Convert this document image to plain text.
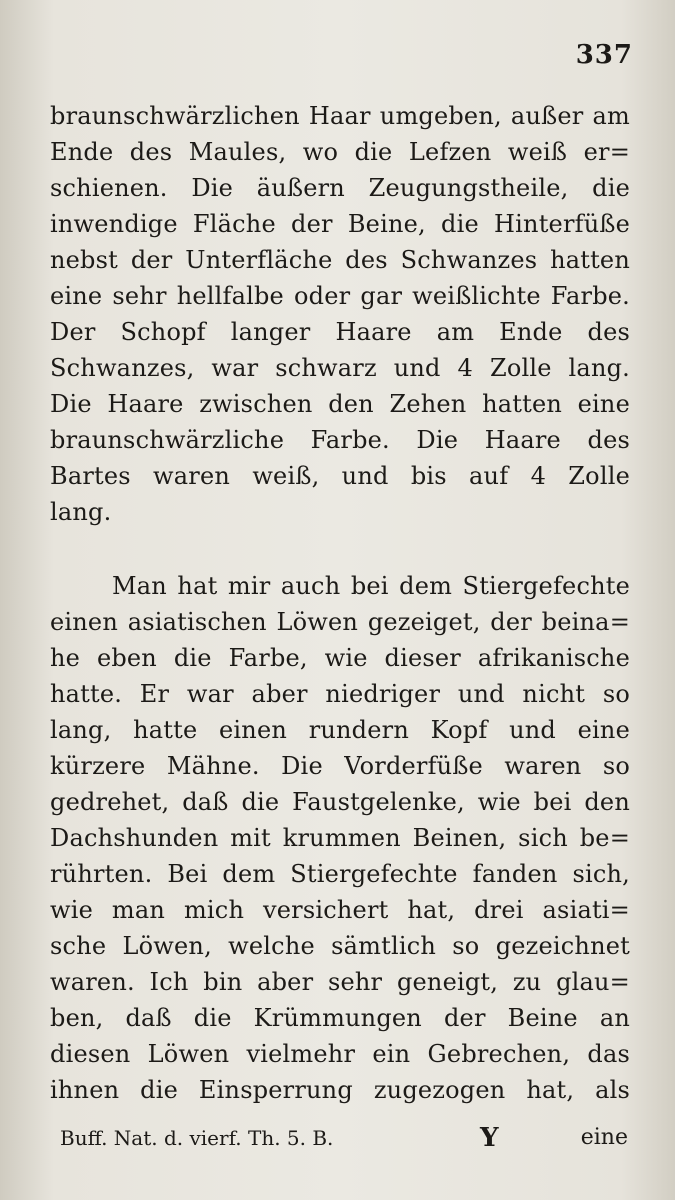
337

braunschwärzlichen Haar umgeben, außer am
Ende des Maules, wo die Lefzen weiß er=
schienen. Die äußern Zeugungstheile, die
inwendige Fläche der Beine, die Hinterfüße
nebst der Unterfläche des Schwanzes hatten
eine sehr hellfalbe oder gar weißlichte Farbe.
Der Schopf langer Haare am Ende des
Schwanzes, war schwarz und 4 Zolle lang.
Die Haare zwischen den Zehen hatten eine
braunschwärzliche Farbe. Die Haare des
Bartes waren weiß, und bis auf 4 Zolle
lang.
Man hat mir auch bei dem Stiergefechte
einen asiatischen Löwen gezeiget, der beina=
he eben die Farbe, wie dieser afrikanische
hatte. Er war aber niedriger und nicht so
lang, hatte einen rundern Kopf und eine
kürzere Mähne. Die Vorderfüße waren so
gedrehet, daß die Faustgelenke, wie bei den
Dachshunden mit krummen Beinen, sich be=
rührten. Bei dem Stiergefechte fanden sich,
wie man mich versichert hat, drei asiati=
sche Löwen, welche sämtlich so gezeichnet
waren. Ich bin aber sehr geneigt, zu glau=
ben, daß die Krümmungen der Beine an
diesen Löwen vielmehr ein Gebrechen, das
ihnen die Einsperrung zugezogen hat, als
Buff. Nat. d. vierf. Th. 5. B.	Y	eine
